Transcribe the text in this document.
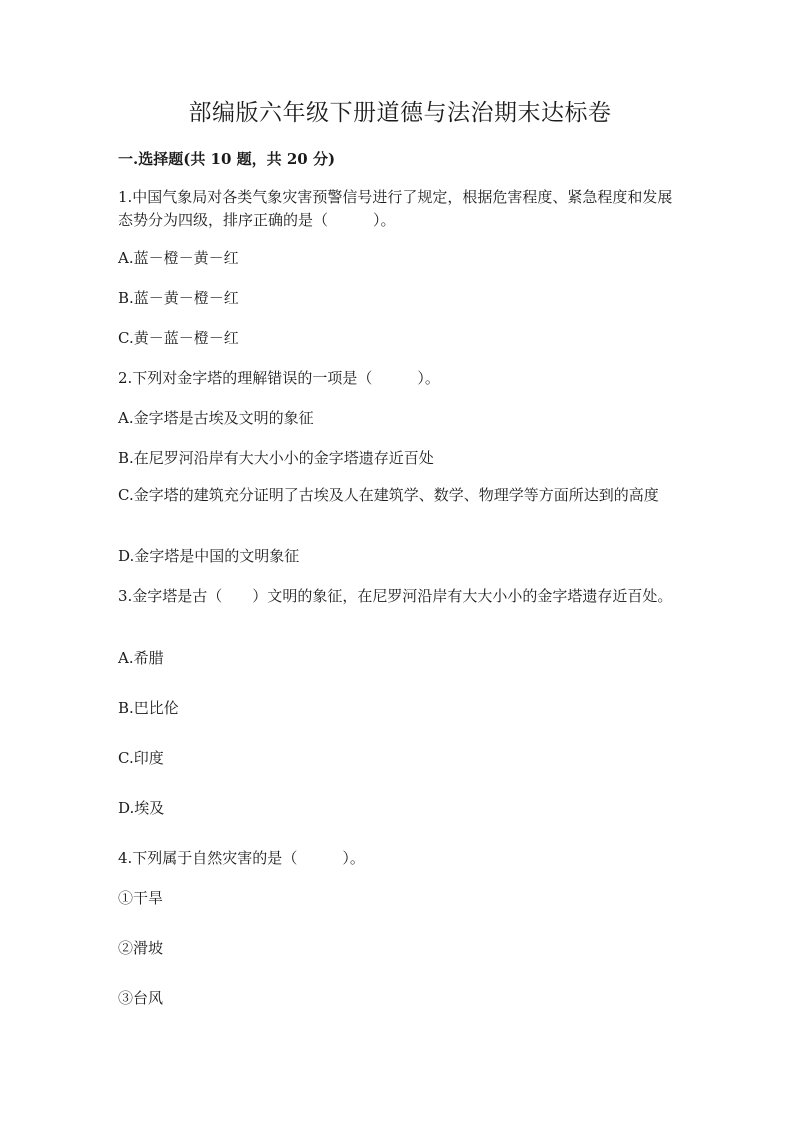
部编版六年级下册道德与法治期末达标卷
一.选择题(共 10 题，共 20 分)

1.中国气象局对各类气象灾害预警信号进行了规定，根据危害程度、紧急程度和发展态势分为四级，排序正确的是（　　　）。

A.蓝－橙－黄－红

B.蓝－黄－橙－红

C.黄－蓝－橙－红

2.下列对金字塔的理解错误的一项是（　　　）。

A.金字塔是古埃及文明的象征

B.在尼罗河沿岸有大大小小的金字塔遗存近百处

C.金字塔的建筑充分证明了古埃及人在建筑学、数学、物理学等方面所达到的高度

D.金字塔是中国的文明象征

3.金字塔是古（　　）文明的象征，在尼罗河沿岸有大大小小的金字塔遗存近百处。

A.希腊

B.巴比伦

C.印度

D.埃及

4.下列属于自然灾害的是（　　　）。

①干旱

②滑坡

③台风
